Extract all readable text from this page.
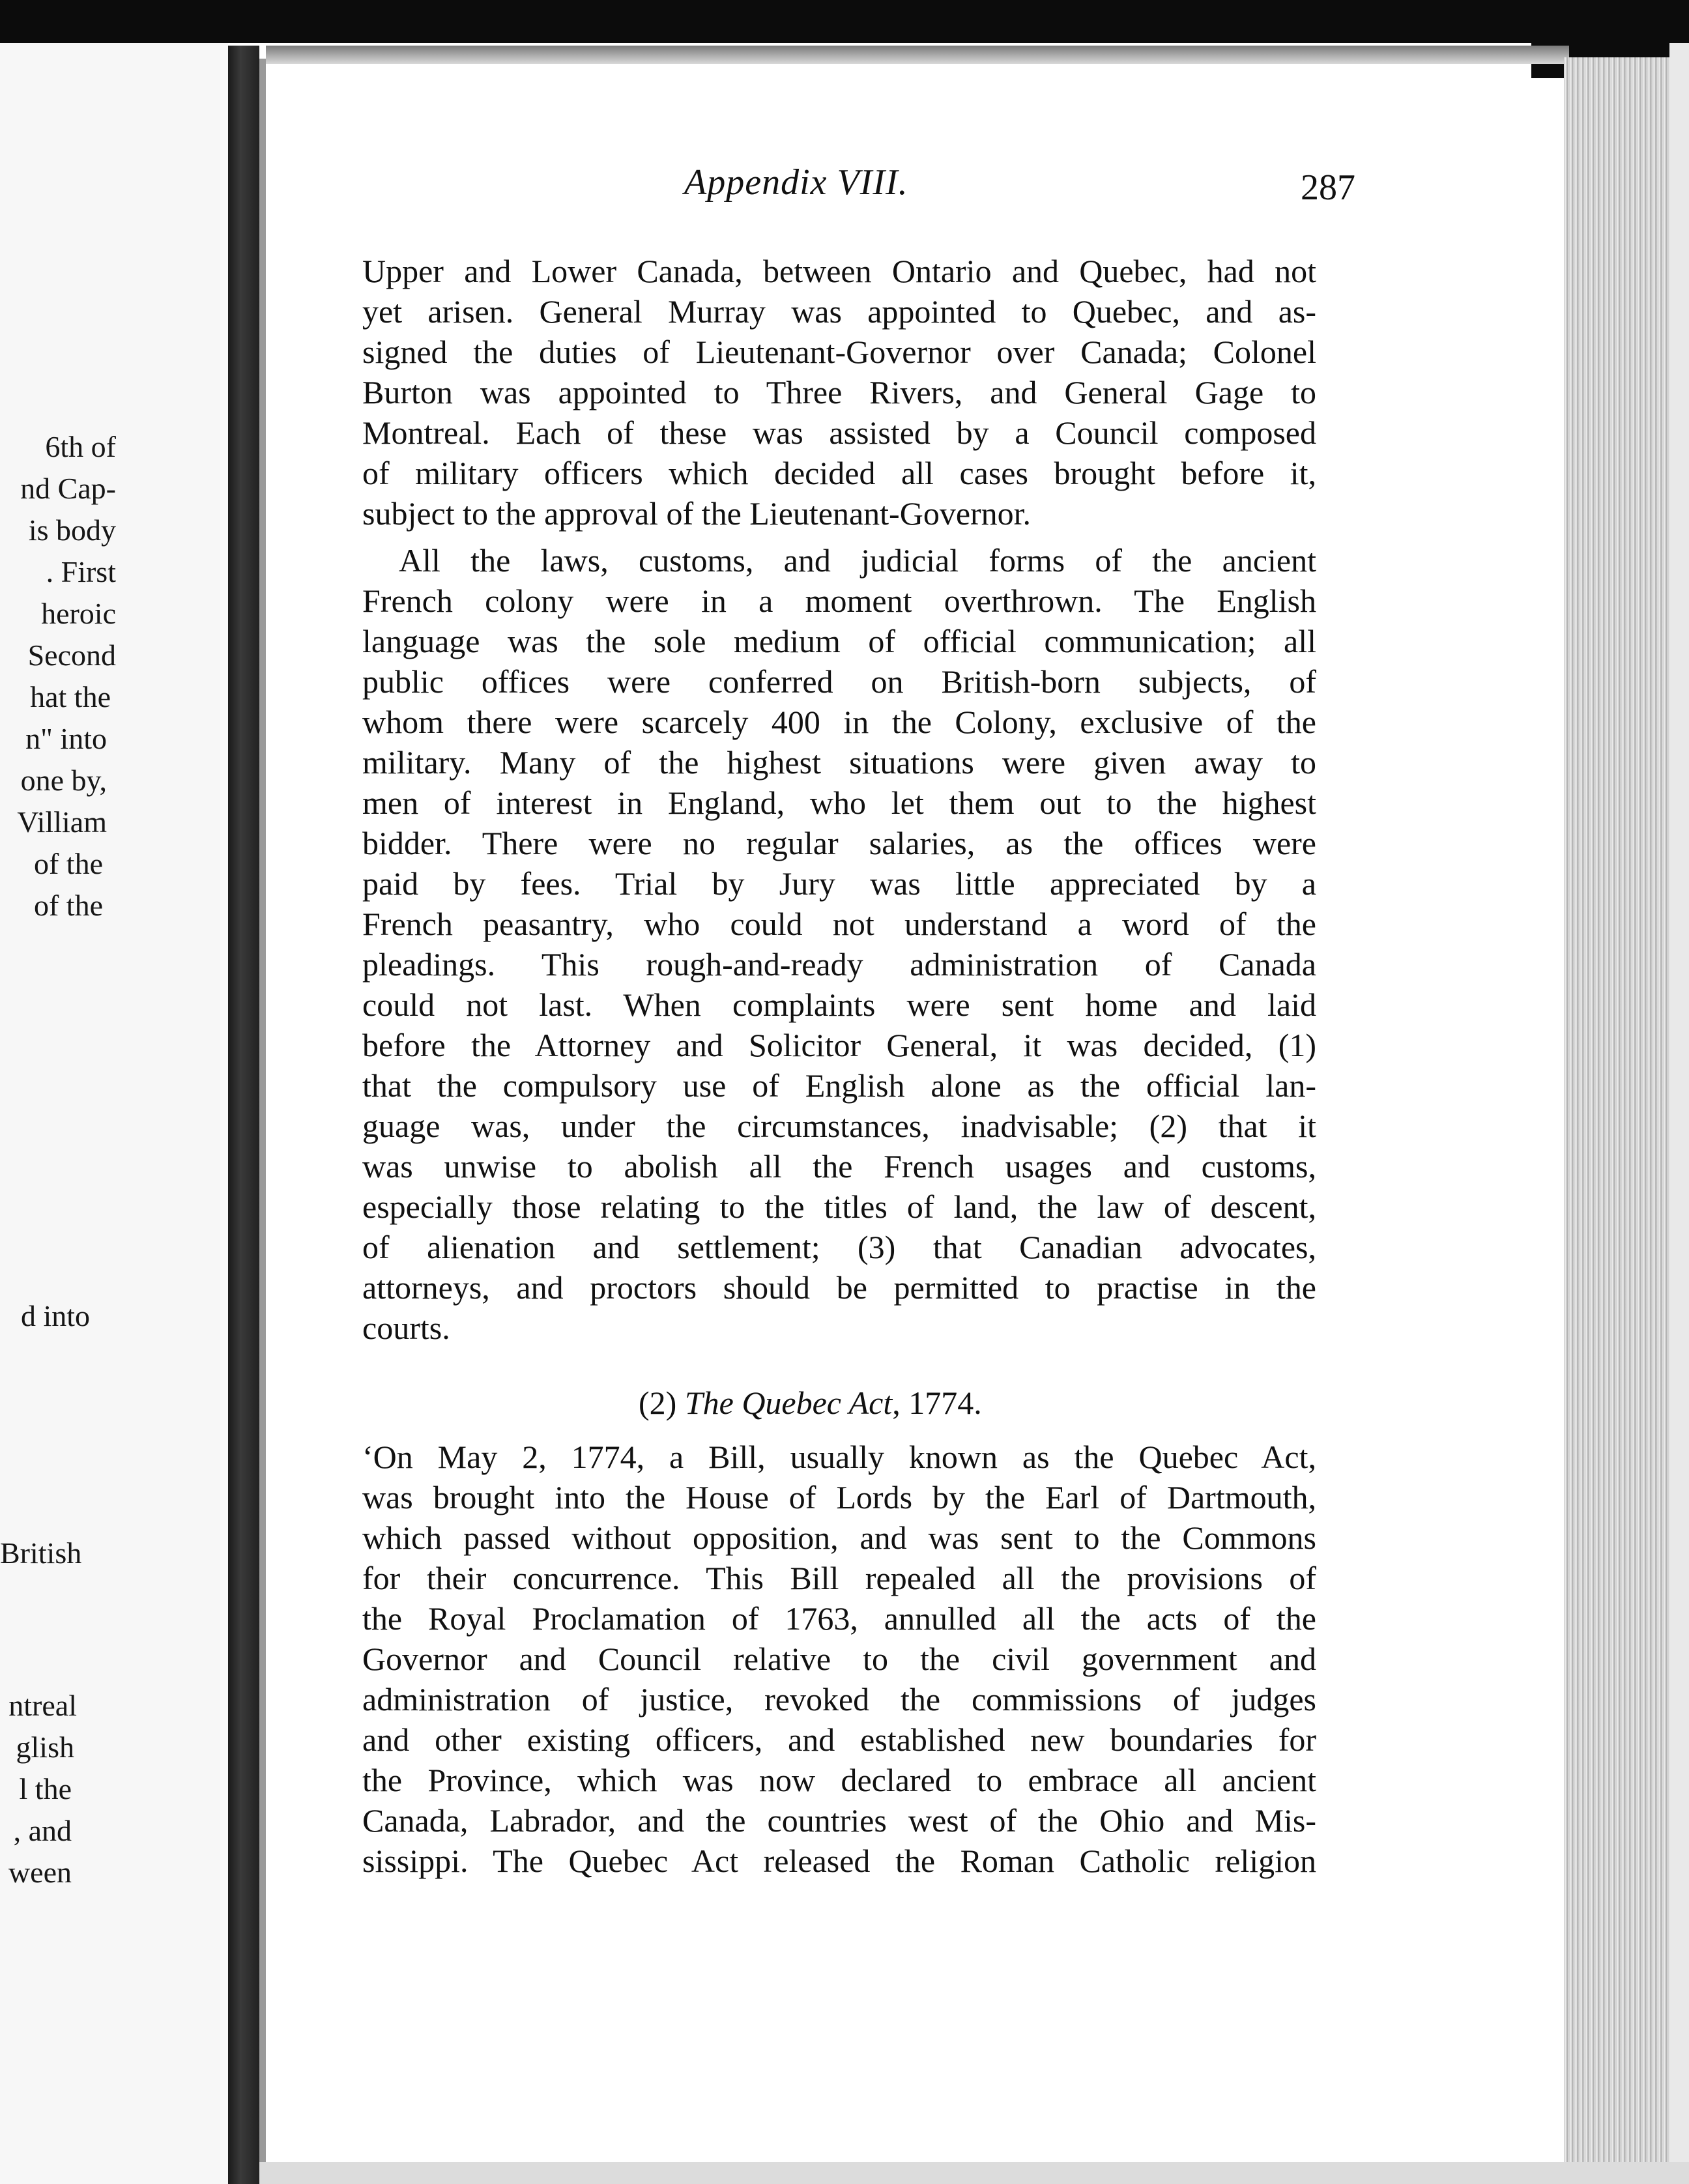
6th of
nd Cap-
is body
. First
heroic
Second
hat the
n" into
one by,
Villiam
of the
of the
d into
British
ntreal
glish
l the
, and
ween
Appendix VIII.	287
Upper and Lower Canada, between Ontario and Quebec, had not
yet arisen. General Murray was appointed to Quebec, and as-
signed the duties of Lieutenant-Governor over Canada; Colonel
Burton was appointed to Three Rivers, and General Gage to
Montreal. Each of these was assisted by a Council composed
of military officers which decided all cases brought before it,
subject to the approval of the Lieutenant-Governor.
All the laws, customs, and judicial forms of the ancient
French colony were in a moment overthrown. The English
language was the sole medium of official communication; all
public offices were conferred on British-born subjects, of
whom there were scarcely 400 in the Colony, exclusive of the
military. Many of the highest situations were given away to
men of interest in England, who let them out to the highest
bidder. There were no regular salaries, as the offices were
paid by fees. Trial by Jury was little appreciated by a
French peasantry, who could not understand a word of the
pleadings. This rough-and-ready administration of Canada
could not last. When complaints were sent home and laid
before the Attorney and Solicitor General, it was decided, (1)
that the compulsory use of English alone as the official lan-
guage was, under the circumstances, inadvisable; (2) that it
was unwise to abolish all the French usages and customs,
especially those relating to the titles of land, the law of descent,
of alienation and settlement; (3) that Canadian advocates,
attorneys, and proctors should be permitted to practise in the
courts.
(2) The Quebec Act, 1774.
‘On May 2, 1774, a Bill, usually known as the Quebec Act,
was brought into the House of Lords by the Earl of Dartmouth,
which passed without opposition, and was sent to the Commons
for their concurrence. This Bill repealed all the provisions of
the Royal Proclamation of 1763, annulled all the acts of the
Governor and Council relative to the civil government and
administration of justice, revoked the commissions of judges
and other existing officers, and established new boundaries for
the Province, which was now declared to embrace all ancient
Canada, Labrador, and the countries west of the Ohio and Mis-
sissippi. The Quebec Act released the Roman Catholic religion
